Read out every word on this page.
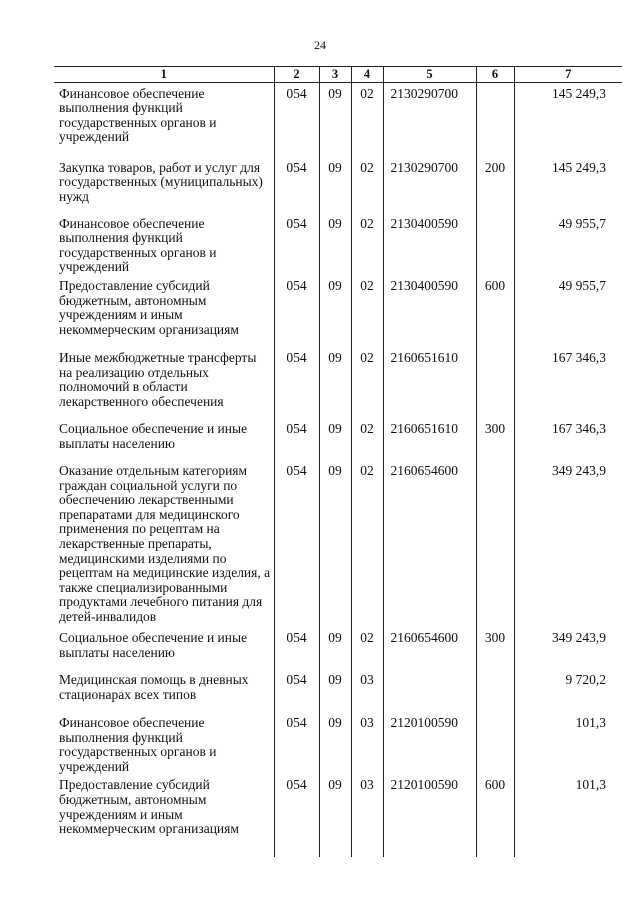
24
1	2	3	4	5	6	7
Финансовое обеспечение выполнения функций государственных органов и учреждений	054	09	02	2130290700		145 249,3
Закупка товаров, работ и услуг для государственных (муниципальных) нужд	054	09	02	2130290700	200	145 249,3
Финансовое обеспечение выполнения функций государственных органов и учреждений	054	09	02	2130400590		49 955,7
Предоставление субсидий бюджетным, автономным учреждениям и иным некоммерческим организациям	054	09	02	2130400590	600	49 955,7
Иные межбюджетные трансферты на реализацию отдельных полномочий в области лекарственного обеспечения	054	09	02	2160651610		167 346,3
Социальное обеспечение и иные выплаты населению	054	09	02	2160651610	300	167 346,3
Оказание отдельным категориям граждан социальной услуги по обеспечению лекарственными препаратами для медицинского применения по рецептам на лекарственные препараты, медицинскими изделиями по рецептам на медицинские изделия, а также специализированными продуктами лечебного питания для детей-инвалидов	054	09	02	2160654600		349 243,9
Социальное обеспечение и иные выплаты населению	054	09	02	2160654600	300	349 243,9
Медицинская помощь в дневных стационарах всех типов	054	09	03			9 720,2
Финансовое обеспечение выполнения функций государственных органов и учреждений	054	09	03	2120100590		101,3
Предоставление субсидий бюджетным, автономным учреждениям и иным некоммерческим организациям	054	09	03	2120100590	600	101,3
